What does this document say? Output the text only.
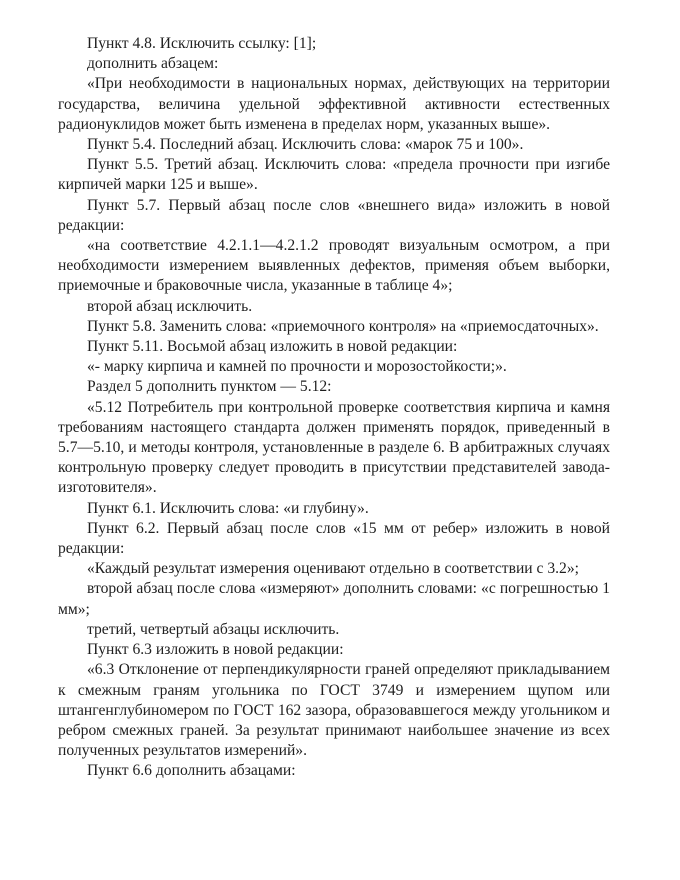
Пункт 4.8. Исключить ссылку: [1];

дополнить абзацем:

«При необходимости в национальных нормах, действующих на территории государства, величина удельной эффективной активности естественных радионуклидов может быть изменена в пределах норм, указанных выше».

Пункт 5.4. Последний абзац. Исключить слова: «марок 75 и 100».

Пункт 5.5. Третий абзац. Исключить слова: «предела прочности при изгибе кирпичей марки 125 и выше».

Пункт 5.7. Первый абзац после слов «внешнего вида» изложить в новой редакции:

«на соответствие 4.2.1.1—4.2.1.2 проводят визуальным осмотром, а при необходимости измерением выявленных дефектов, применяя объем выборки, приемочные и браковочные числа, указанные в таблице 4»;

второй абзац исключить.

Пункт 5.8. Заменить слова: «приемочного контроля» на «приемосдаточных».

Пункт 5.11. Восьмой абзац изложить в новой редакции:

«- марку кирпича и камней по прочности и морозостойкости;».

Раздел 5 дополнить пунктом — 5.12:

«5.12 Потребитель при контрольной проверке соответствия кирпича и камня требованиям настоящего стандарта должен применять порядок, приведенный в 5.7—5.10, и методы контроля, установленные в разделе 6. В арбитражных случаях контрольную проверку следует проводить в присутствии представителей завода-изготовителя».

Пункт 6.1. Исключить слова: «и глубину».

Пункт 6.2. Первый абзац после слов «15 мм от ребер» изложить в новой редакции:

«Каждый результат измерения оценивают отдельно в соответствии с 3.2»;

второй абзац после слова «измеряют» дополнить словами: «с погрешностью 1 мм»;

третий, четвертый абзацы исключить.

Пункт 6.3 изложить в новой редакции:

«6.3 Отклонение от перпендикулярности граней определяют прикладыванием к смежным граням угольника по ГОСТ 3749 и измерением щупом или штангенглубиномером по ГОСТ 162 зазора, образовавшегося между угольником и ребром смежных граней. За результат принимают наибольшее значение из всех полученных результатов измерений».

Пункт 6.6 дополнить абзацами:
